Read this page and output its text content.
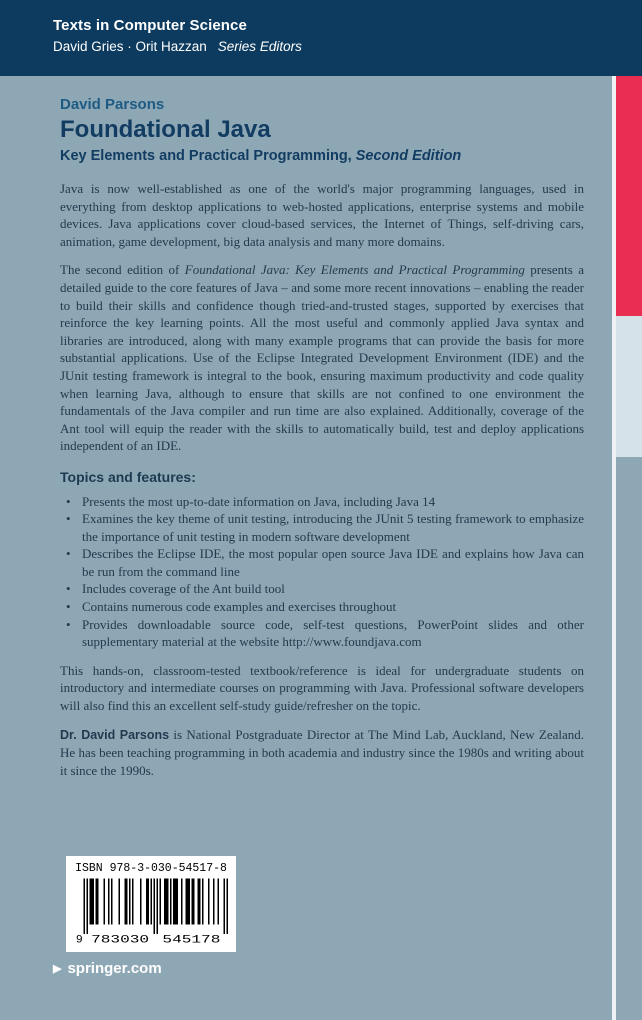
Texts in Computer Science
David Gries · Orit Hazzan Series Editors
David Parsons
Foundational Java
Key Elements and Practical Programming, Second Edition

Java is now well-established as one of the world's major programming languages, used in everything from desktop applications to web-hosted applications, enterprise systems and mobile devices. Java applications cover cloud-based services, the Internet of Things, self-driving cars, animation, game development, big data analysis and many more domains.

The second edition of Foundational Java: Key Elements and Practical Programming presents a detailed guide to the core features of Java – and some more recent innovations – enabling the reader to build their skills and confidence though tried-and-trusted stages, supported by exercises that reinforce the key learning points. All the most useful and commonly applied Java syntax and libraries are introduced, along with many example programs that can provide the basis for more substantial applications. Use of the Eclipse Integrated Development Environment (IDE) and the JUnit testing framework is integral to the book, ensuring maximum productivity and code quality when learning Java, although to ensure that skills are not confined to one environment the fundamentals of the Java compiler and run time are also explained. Additionally, coverage of the Ant tool will equip the reader with the skills to automatically build, test and deploy applications independent of an IDE.

Topics and features:
• Presents the most up-to-date information on Java, including Java 14
• Examines the key theme of unit testing, introducing the JUnit 5 testing framework to emphasize the importance of unit testing in modern software development
• Describes the Eclipse IDE, the most popular open source Java IDE and explains how Java can be run from the command line
• Includes coverage of the Ant build tool
• Contains numerous code examples and exercises throughout
• Provides downloadable source code, self-test questions, PowerPoint slides and other supplementary material at the website http://www.foundjava.com

This hands-on, classroom-tested textbook/reference is ideal for undergraduate students on introductory and intermediate courses on programming with Java. Professional software developers will also find this an excellent self-study guide/refresher on the topic.

Dr. David Parsons is National Postgraduate Director at The Mind Lab, Auckland, New Zealand. He has been teaching programming in both academia and industry since the 1980s and writing about it since the 1990s.

ISBN 978-3-030-54517-8
9 783030 545178
▶ springer.com
